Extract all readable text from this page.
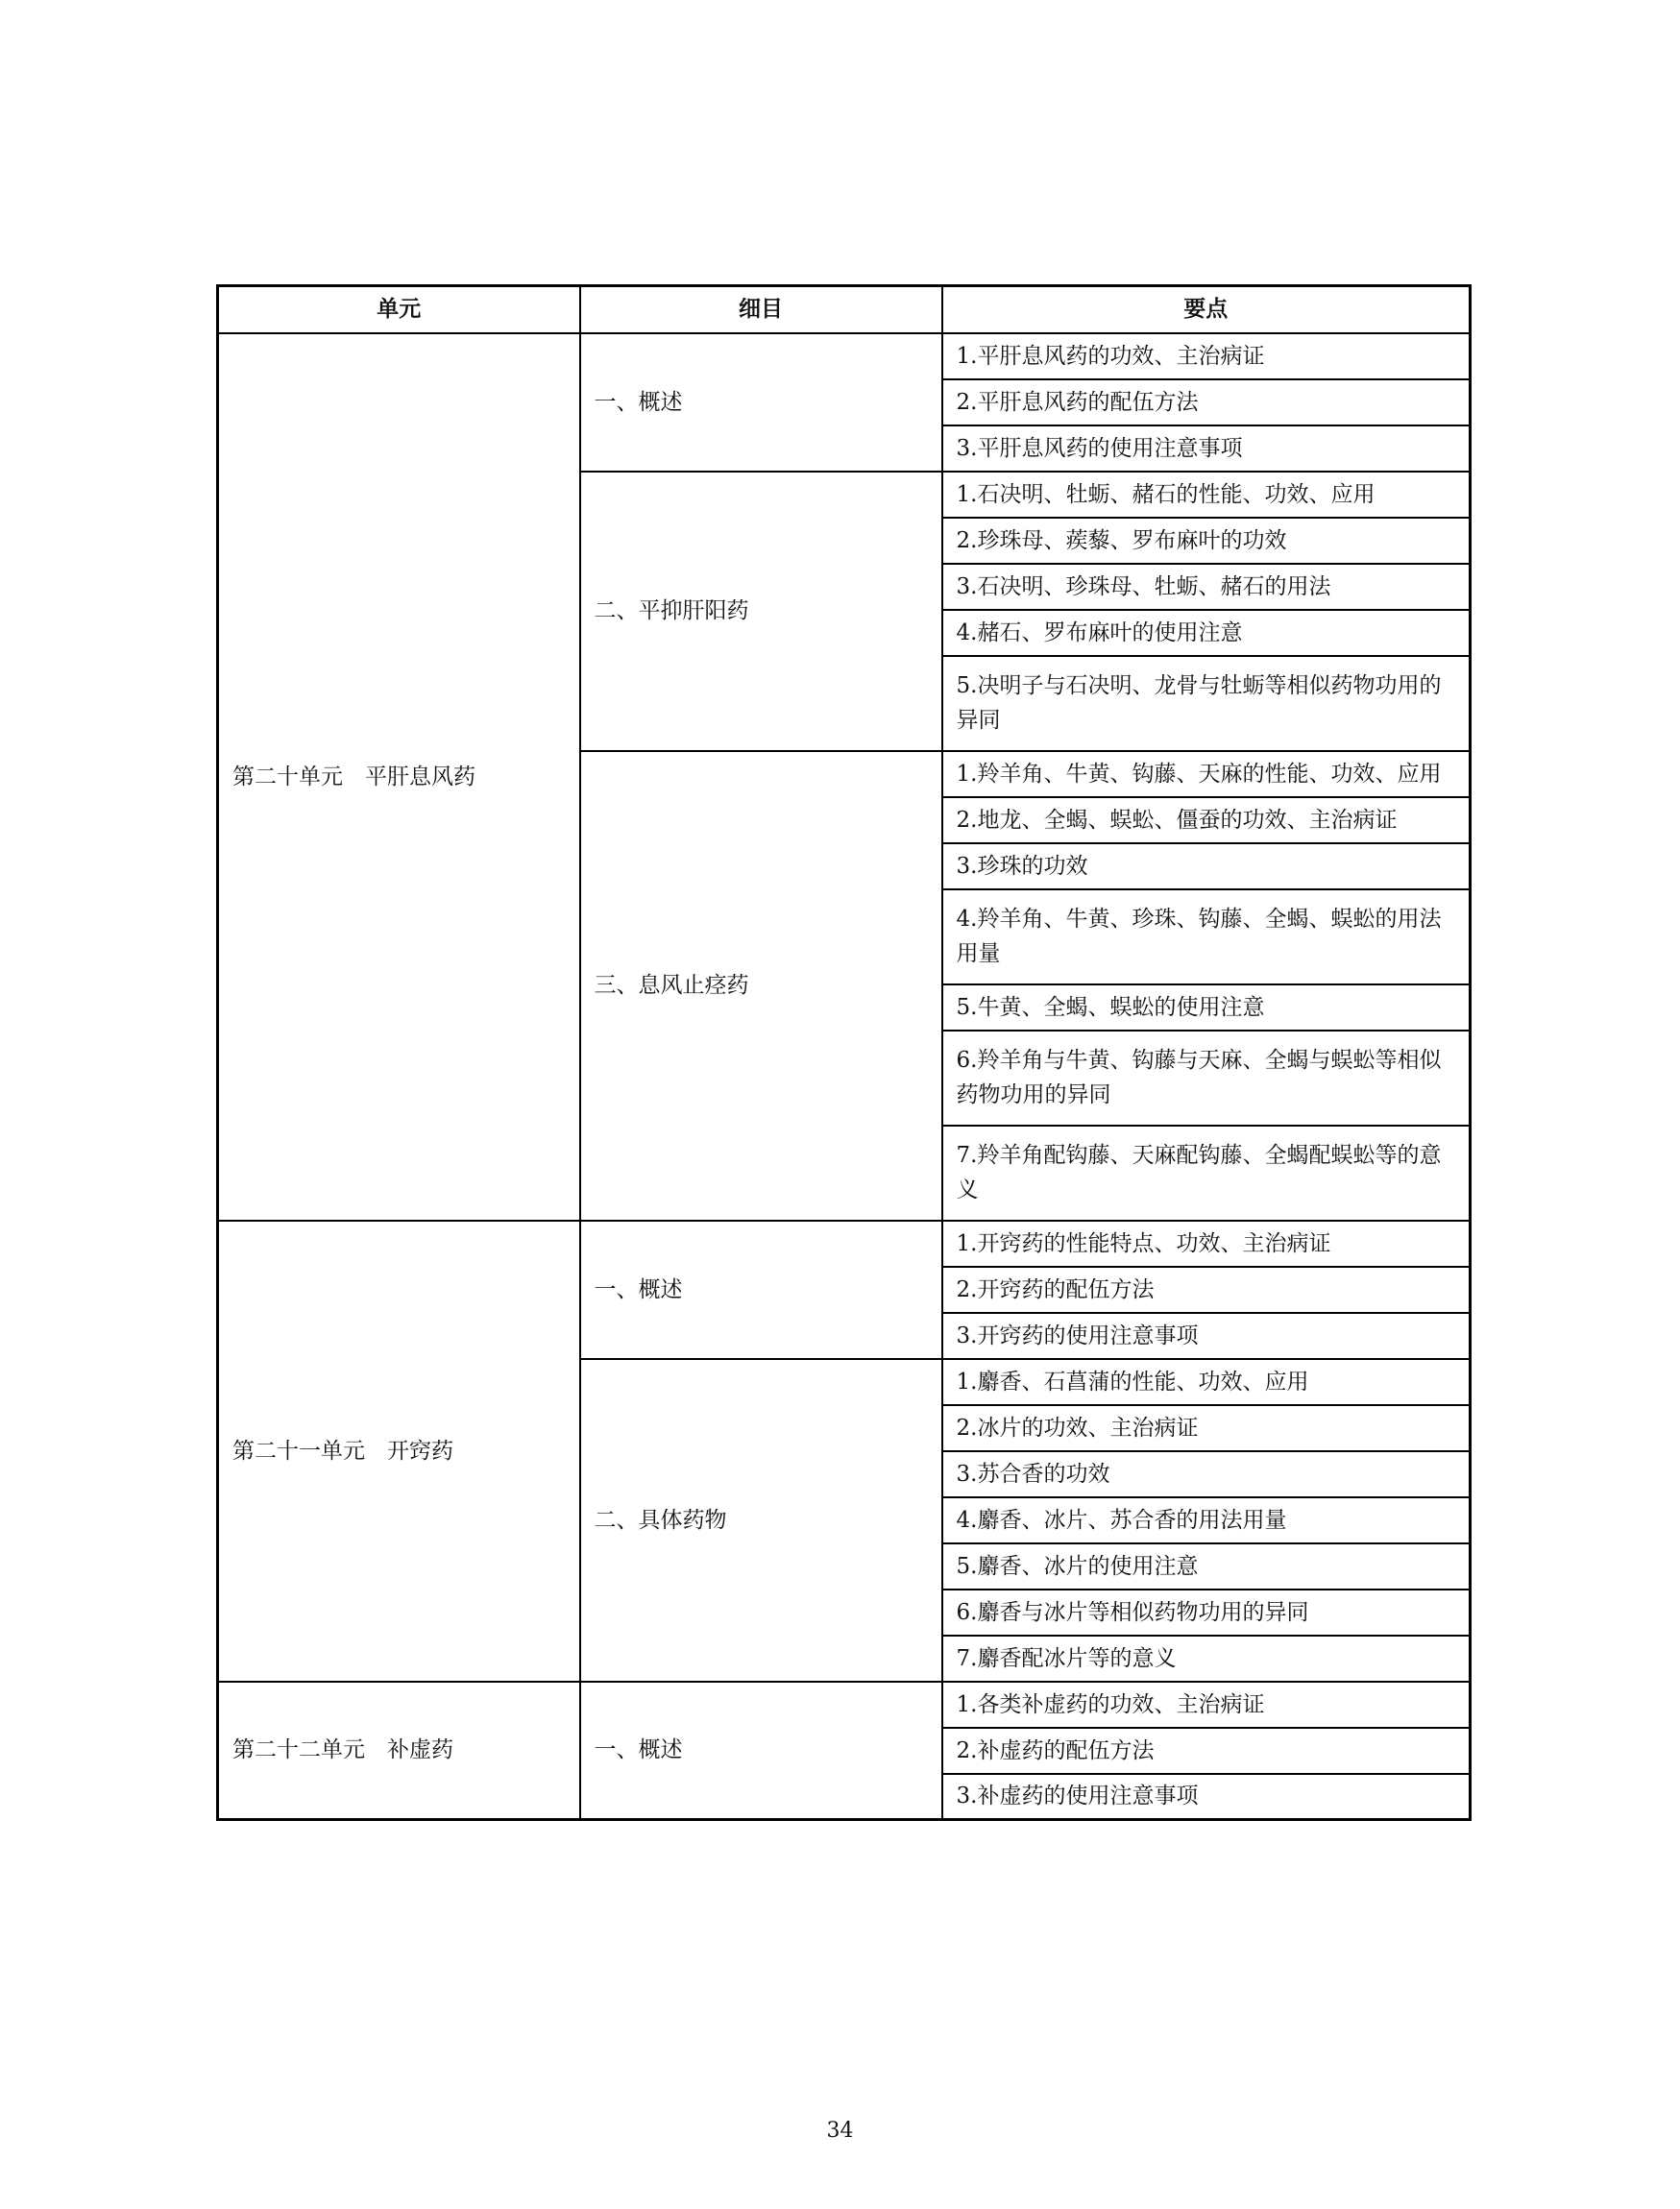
单元	细目	要点
第二十单元　平肝息风药	一、概述	1.平肝息风药的功效、主治病证
		2.平肝息风药的配伍方法
		3.平肝息风药的使用注意事项
	二、平抑肝阳药	1.石决明、牡蛎、赭石的性能、功效、应用
		2.珍珠母、蒺藜、罗布麻叶的功效
		3.石决明、珍珠母、牡蛎、赭石的用法
		4.赭石、罗布麻叶的使用注意
		5.决明子与石决明、龙骨与牡蛎等相似药物功用的异同
	三、息风止痉药	1.羚羊角、牛黄、钩藤、天麻的性能、功效、应用
		2.地龙、全蝎、蜈蚣、僵蚕的功效、主治病证
		3.珍珠的功效
		4.羚羊角、牛黄、珍珠、钩藤、全蝎、蜈蚣的用法用量
		5.牛黄、全蝎、蜈蚣的使用注意
		6.羚羊角与牛黄、钩藤与天麻、全蝎与蜈蚣等相似药物功用的异同
		7.羚羊角配钩藤、天麻配钩藤、全蝎配蜈蚣等的意义
第二十一单元　开窍药	一、概述	1.开窍药的性能特点、功效、主治病证
		2.开窍药的配伍方法
		3.开窍药的使用注意事项
	二、具体药物	1.麝香、石菖蒲的性能、功效、应用
		2.冰片的功效、主治病证
		3.苏合香的功效
		4.麝香、冰片、苏合香的用法用量
		5.麝香、冰片的使用注意
		6.麝香与冰片等相似药物功用的异同
		7.麝香配冰片等的意义
第二十二单元　补虚药	一、概述	1.各类补虚药的功效、主治病证
		2.补虚药的配伍方法
		3.补虚药的使用注意事项
34
